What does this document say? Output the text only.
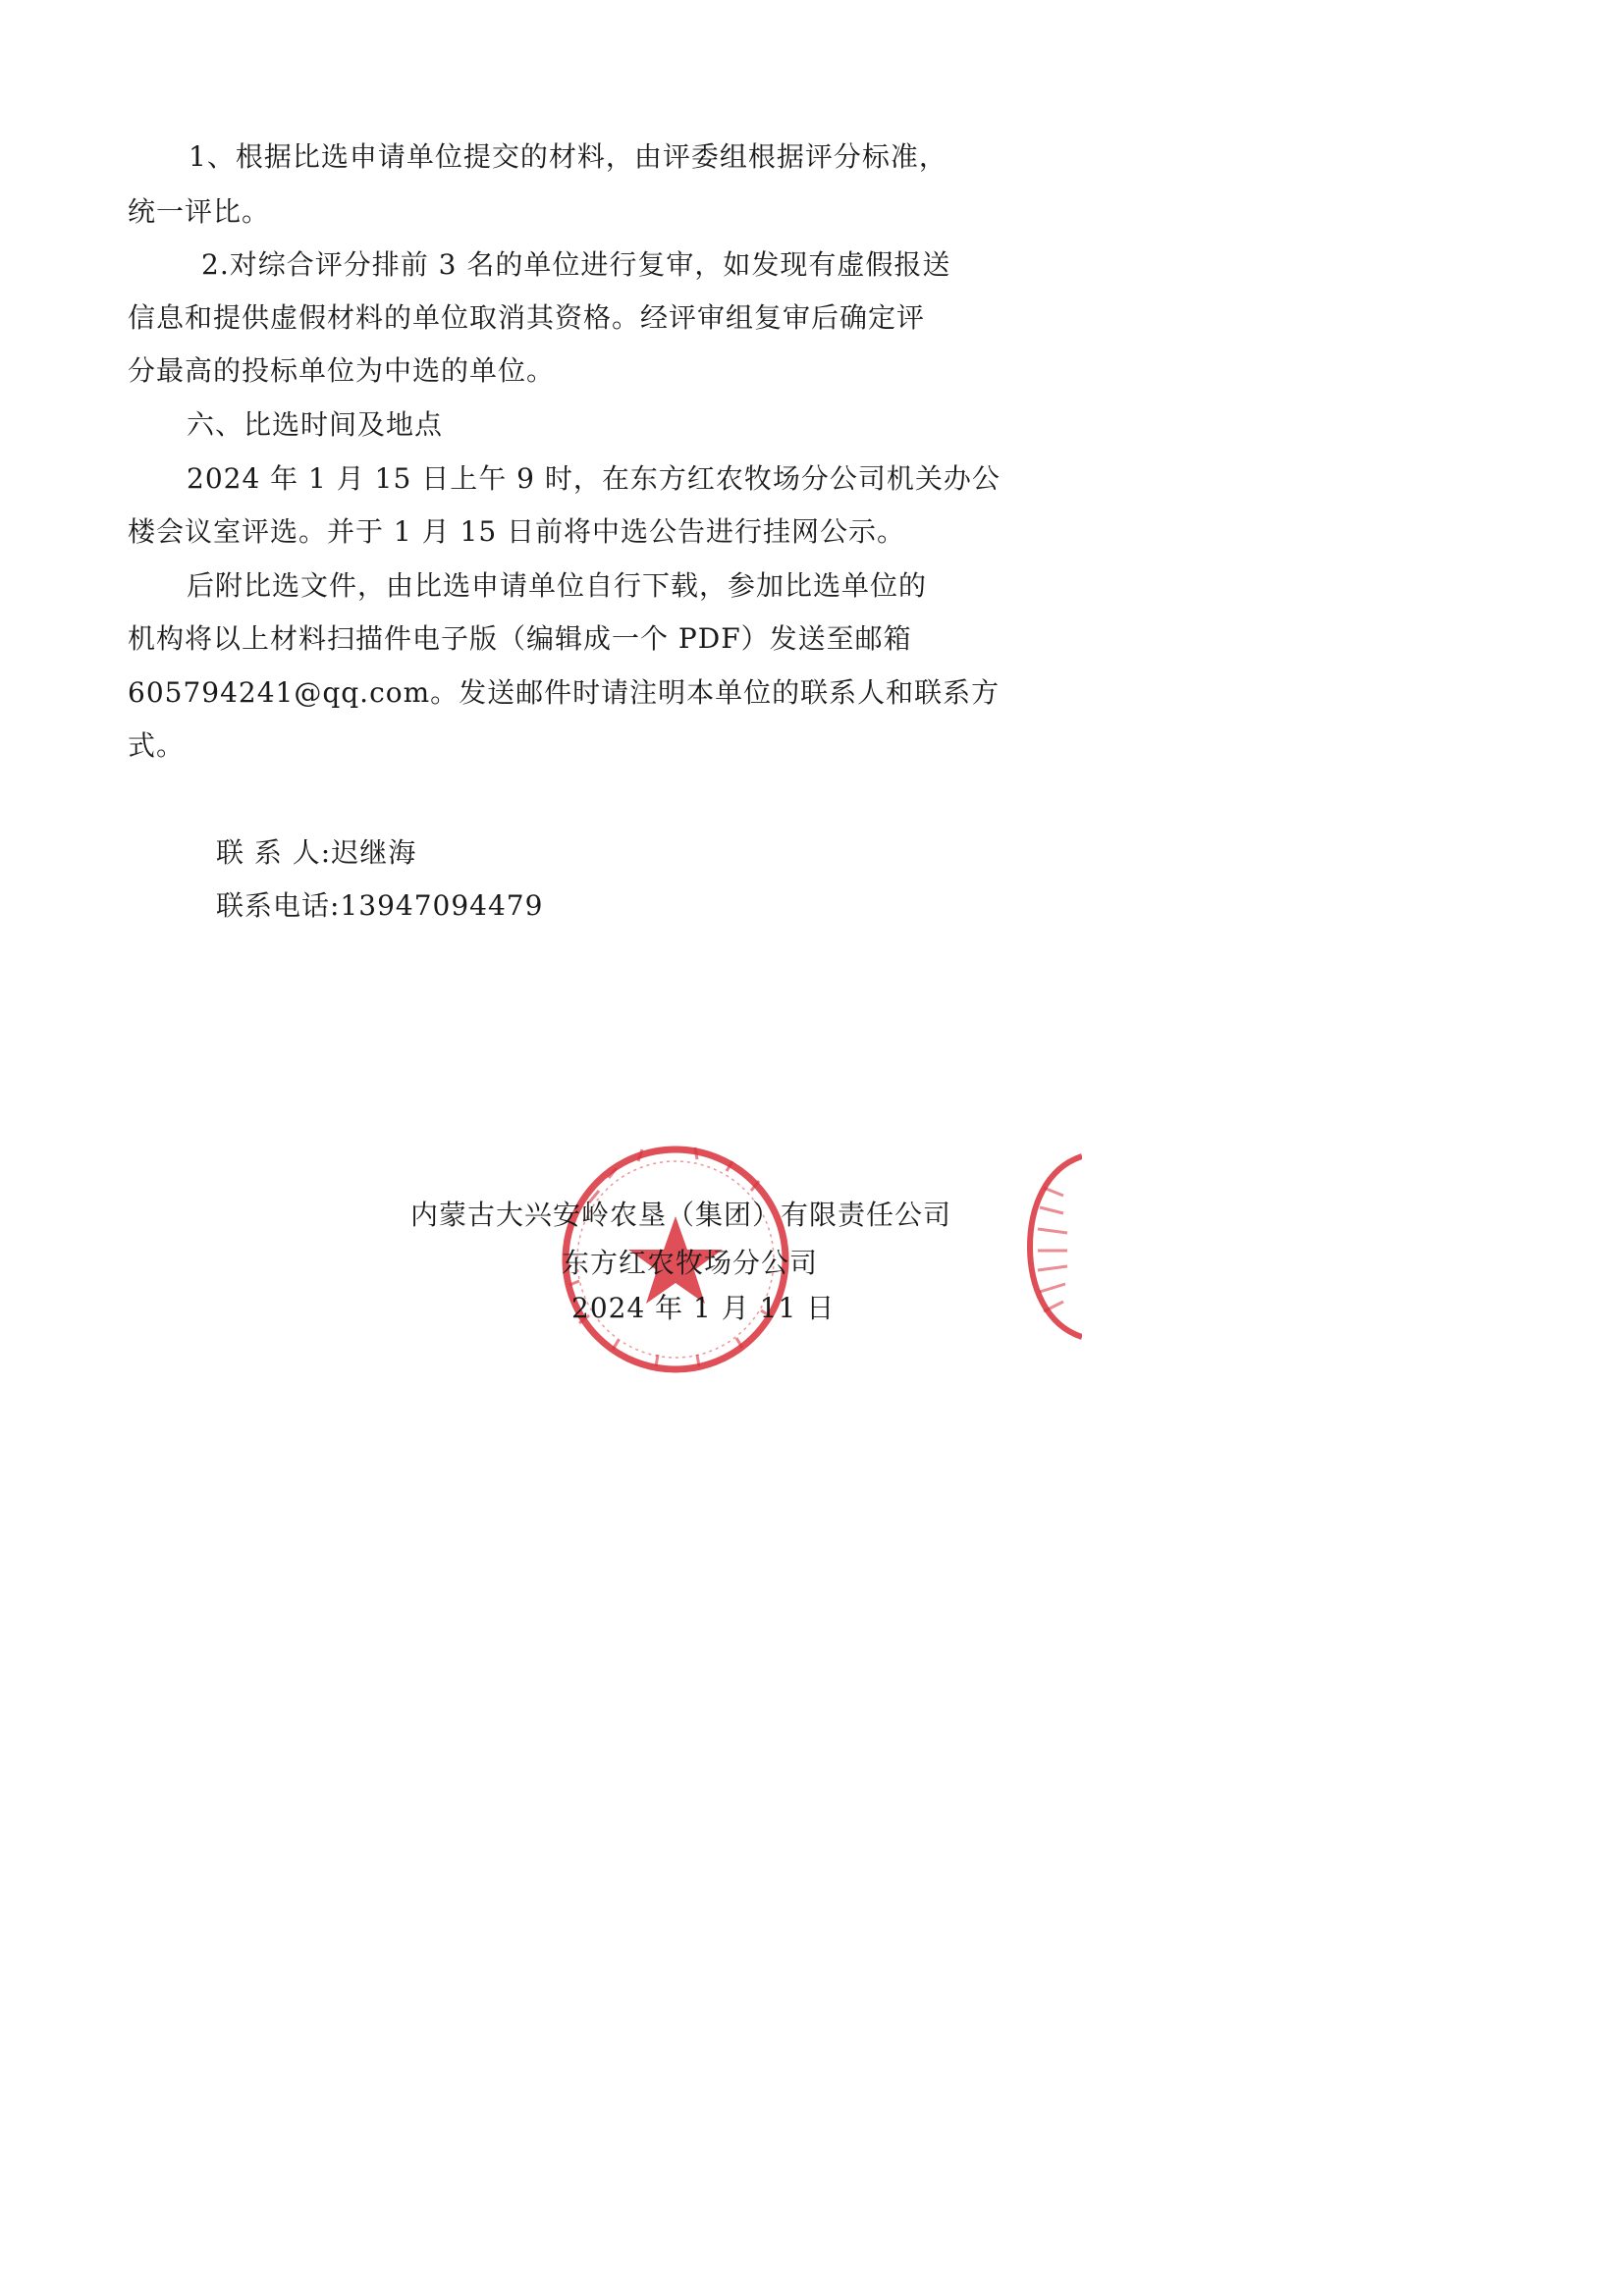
1、根据比选申请单位提交的材料，由评委组根据评分标准，
统一评比。
2.对综合评分排前 3 名的单位进行复审，如发现有虚假报送
信息和提供虚假材料的单位取消其资格。经评审组复审后确定评
分最高的投标单位为中选的单位。
六、比选时间及地点
2024 年 1 月 15 日上午 9 时，在东方红农牧场分公司机关办公
楼会议室评选。并于 1 月 15 日前将中选公告进行挂网公示。
后附比选文件，由比选申请单位自行下载，参加比选单位的
机构将以上材料扫描件电子版（编辑成一个 PDF）发送至邮箱
605794241@qq.com。发送邮件时请注明本单位的联系人和联系方
式。
联 系 人:迟继海
联系电话:13947094479
内蒙古大兴安岭农垦（集团）有限责任公司
东方红农牧场分公司
2024 年 1 月 11 日
